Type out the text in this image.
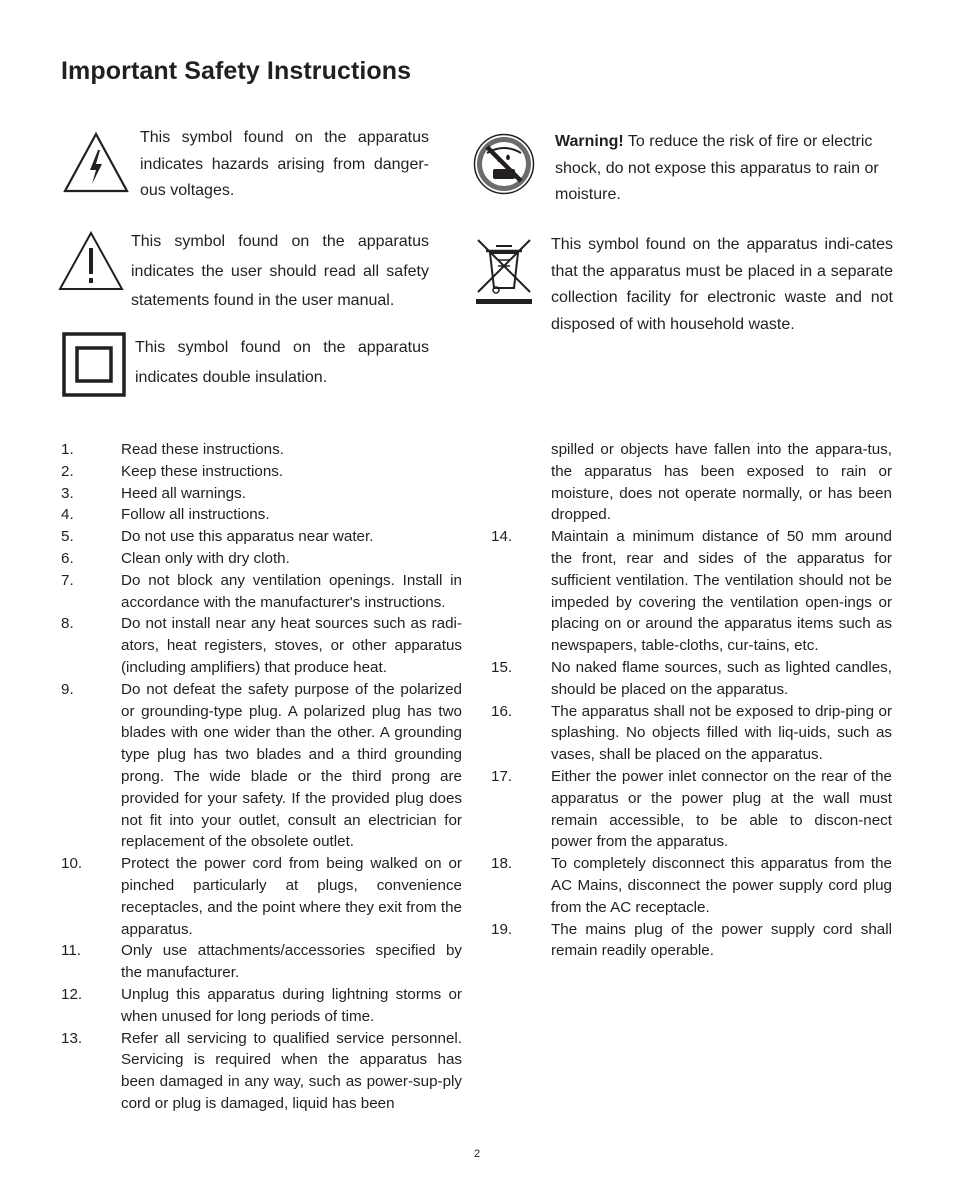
Important Safety Instructions

This symbol found on the apparatus indicates hazards arising from danger-ous voltages.

This symbol found on the apparatus indicates the user should read all safety statements found in the user manual.

This symbol found on the apparatus indicates double insulation.

Warning! To reduce the risk of fire or electric shock, do not expose this apparatus to rain or moisture.

This symbol found on the apparatus indi-cates that the apparatus must be placed in a separate collection facility for electronic waste and not disposed of with household waste.

1.	Read these instructions.
2.	Keep these instructions.
3.	Heed all warnings.
4.	Follow all instructions.
5.	Do not use this apparatus near water.
6.	Clean only with dry cloth.
7.	Do not block any ventilation openings. Install in accordance with the manufacturer's instructions.
8.	Do not install near any heat sources such as radi-ators, heat registers, stoves, or other apparatus (including amplifiers) that produce heat.
9.	Do not defeat the safety purpose of the polarized or grounding-type plug. A polarized plug has two blades with one wider than the other. A grounding type plug has two blades and a third grounding prong. The wide blade or the third prong are provided for your safety. If the provided plug does not fit into your outlet, consult an electrician for replacement of the obsolete outlet.
10.	Protect the power cord from being walked on or pinched particularly at plugs, convenience receptacles, and the point where they exit from the apparatus.
11.	Only use attachments/accessories specified by the manufacturer.
12.	Unplug this apparatus during lightning storms or when unused for long periods of time.
13.	Refer all servicing to qualified service personnel. Servicing is required when the apparatus has been damaged in any way, such as power-sup-ply cord or plug is damaged, liquid has been
spilled or objects have fallen into the appara-tus, the apparatus has been exposed to rain or moisture, does not operate normally, or has been dropped.
14.	Maintain a minimum distance of 50 mm around the front, rear and sides of the apparatus for sufficient ventilation. The ventilation should not be impeded by covering the ventilation open-ings or placing on or around the apparatus items such as newspapers, table-cloths, cur-tains, etc.
15.	No naked flame sources, such as lighted candles, should be placed on the apparatus.
16.	The apparatus shall not be exposed to drip-ping or splashing. No objects filled with liq-uids, such as vases, shall be placed on the apparatus.
17.	Either the power inlet connector on the rear of the apparatus or the power plug at the wall must remain accessible, to be able to discon-nect power from the apparatus.
18.	To completely disconnect this apparatus from the AC Mains, disconnect the power supply cord plug from the AC receptacle.
19.	The mains plug of the power supply cord shall remain readily operable.
2
